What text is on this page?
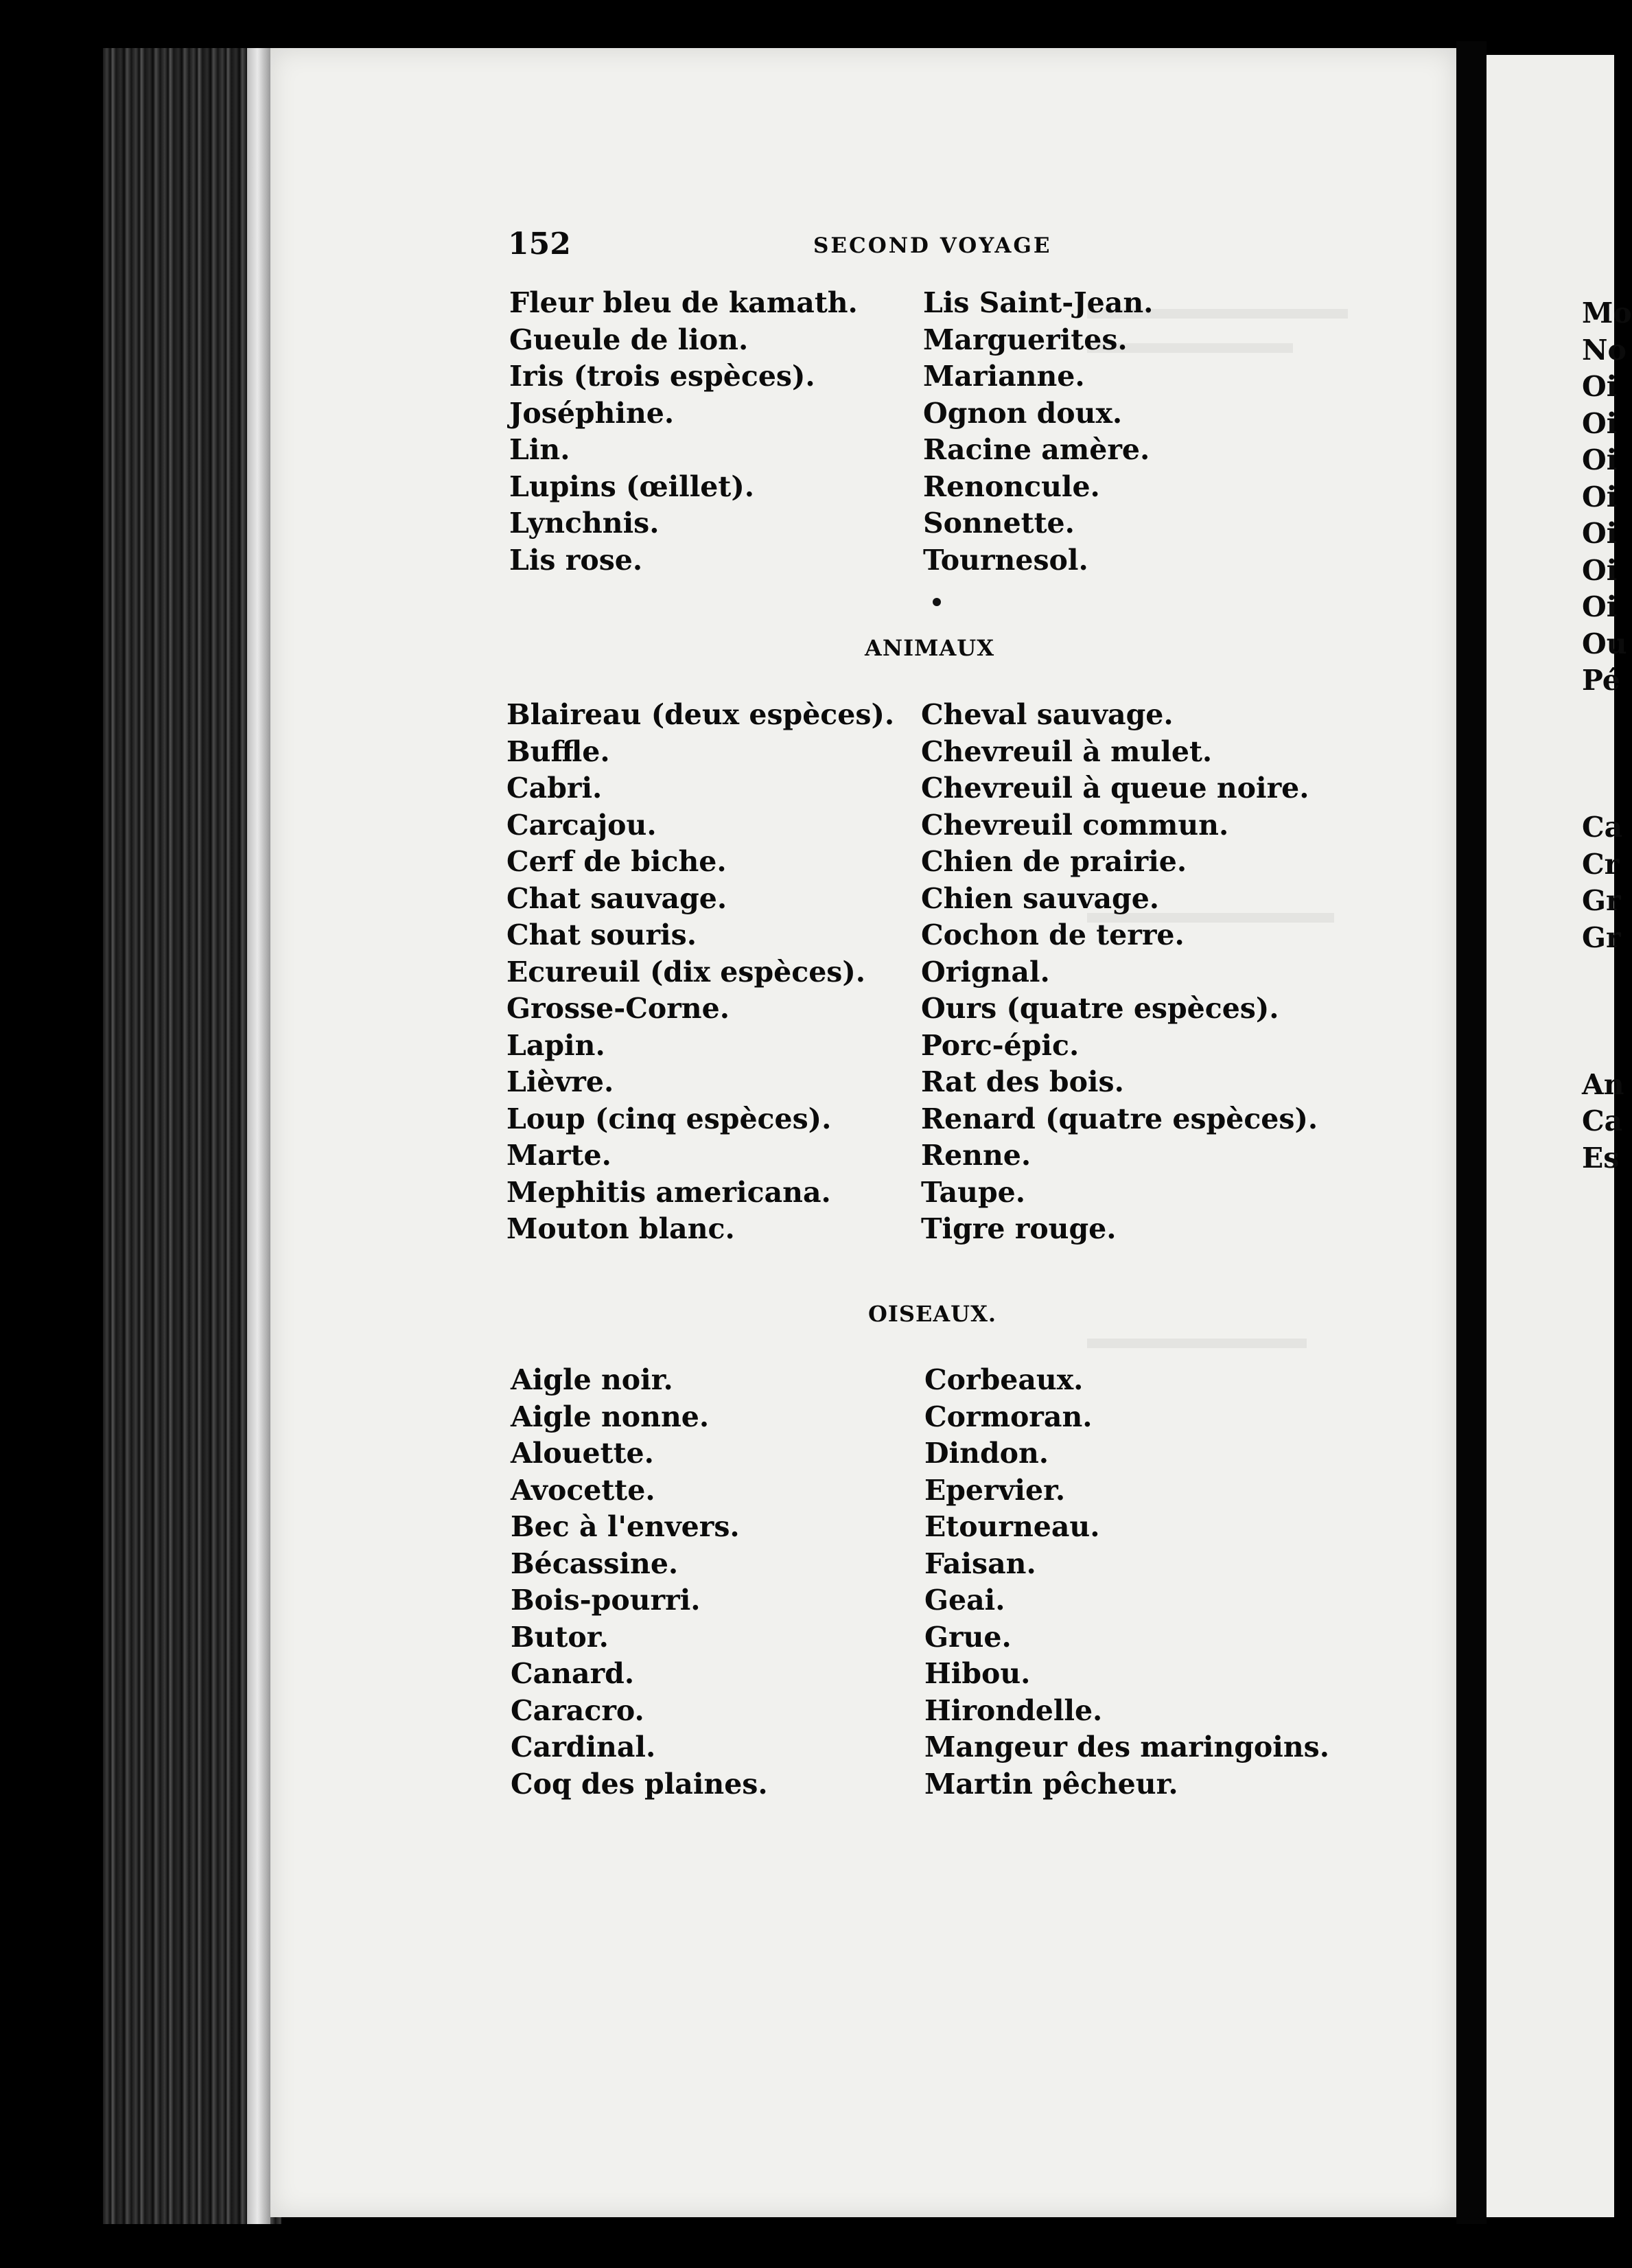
152	SECOND VOYAGE
Fleur bleu de kamath.
Gueule de lion.
Iris (trois espèces).
Joséphine.
Lin.
Lupins (œillet).
Lynchnis.
Lis rose.
Lis Saint-Jean.
Marguerites.
Marianne.
Ognon doux.
Racine amère.
Renoncule.
Sonnette.
Tournesol.
ANIMAUX
Blaireau (deux espèces).
Buffle.
Cabri.
Carcajou.
Cerf de biche.
Chat sauvage.
Chat souris.
Ecureuil (dix espèces).
Grosse-Corne.
Lapin.
Lièvre.
Loup (cinq espèces).
Marte.
Mephitis americana.
Mouton blanc.
Cheval sauvage.
Chevreuil à mulet.
Chevreuil à queue noire.
Chevreuil commun.
Chien de prairie.
Chien sauvage.
Cochon de terre.
Orignal.
Ours (quatre espèces).
Porc-épic.
Rat des bois.
Renard (quatre espèces).
Renne.
Taupe.
Tigre rouge.
OISEAUX.
Aigle noir.
Aigle nonne.
Alouette.
Avocette.
Bec à l'envers.
Bécassine.
Bois-pourri.
Butor.
Canard.
Caracro.
Cardinal.
Coq des plaines.
Corbeaux.
Cormoran.
Dindon.
Epervier.
Etourneau.
Faisan.
Geai.
Grue.
Hibou.
Hirondelle.
Mangeur des maringoins.
Martin pêcheur.
Mo
No
Oi
Oi
Oi
Oi
Oi
Oi
Oi
Ou
Pé
Ca
Cr
Gr
Gr
An
Ca
Es
